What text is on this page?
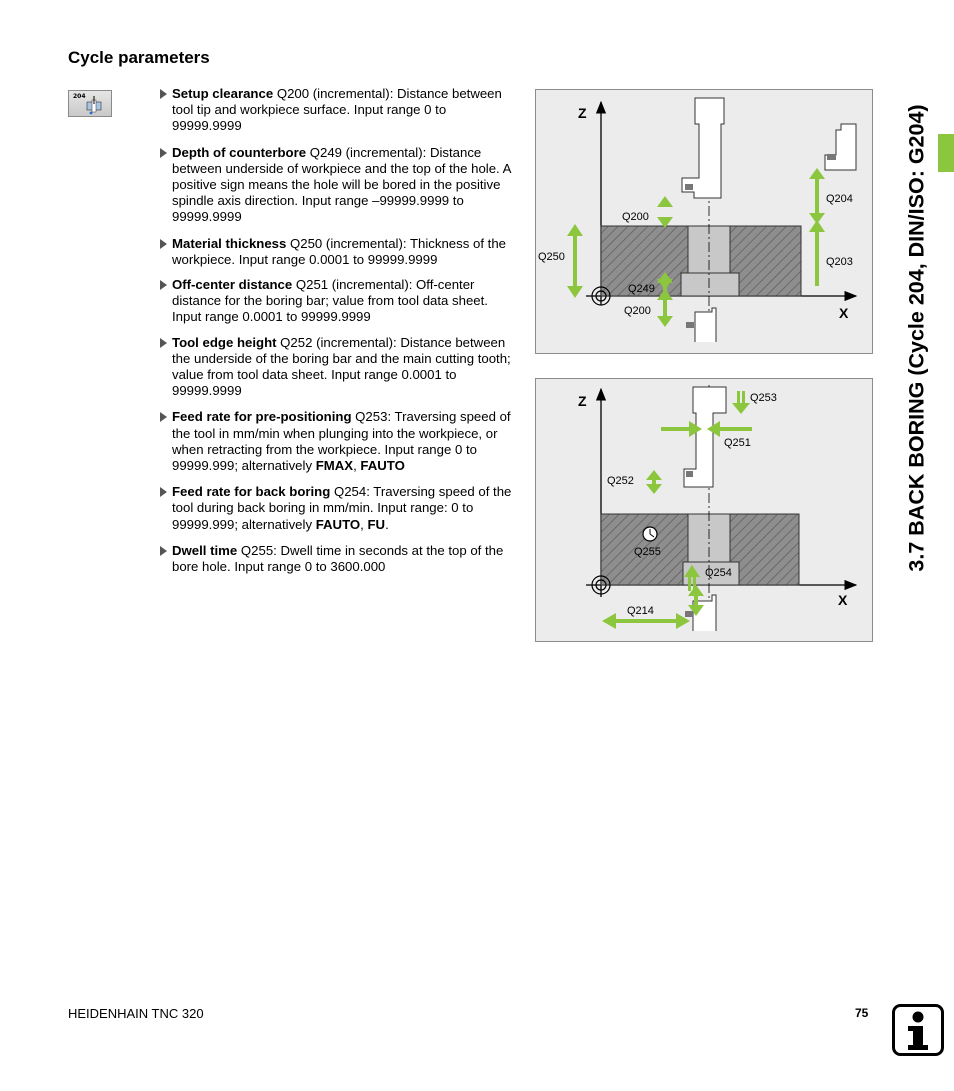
Cycle parameters
204	Setup clearance Q200 (incremental): Distance between tool tip and workpiece surface. Input range 0 to 99999.9999
Depth of counterbore Q249 (incremental): Distance between underside of workpiece and the top of the hole. A positive sign means the hole will be bored in the positive spindle axis direction. Input range –99999.9999 to 99999.9999
Material thickness Q250 (incremental): Thickness of the workpiece. Input range 0.0001 to 99999.9999
Off-center distance Q251 (incremental): Off-center distance for the boring bar; value from tool data sheet. Input range 0.0001 to 99999.9999
Tool edge height Q252 (incremental): Distance between the underside of the boring bar and the main cutting tooth; value from tool data sheet. Input range 0.0001 to 99999.9999
Feed rate for pre-positioning Q253: Traversing speed of the tool in mm/min when plunging into the workpiece, or when retracting from the workpiece. Input range 0 to 99999.999; alternatively FMAX, FAUTO
Feed rate for back boring Q254: Traversing speed of the tool during back boring in mm/min. Input range: 0 to 99999.999; alternatively FAUTO, FU.
Dwell time Q255: Dwell time in seconds at the top of the bore hole. Input range 0 to 3600.000
Z
X
Q200
Q204
Q250	Q203
Q249
Q200
Z
X
Q253
Q251
Q252
Q255
Q254
Q214
3.7 BACK BORING (Cycle 204, DIN/ISO: G204)
HEIDENHAIN TNC 320	75
